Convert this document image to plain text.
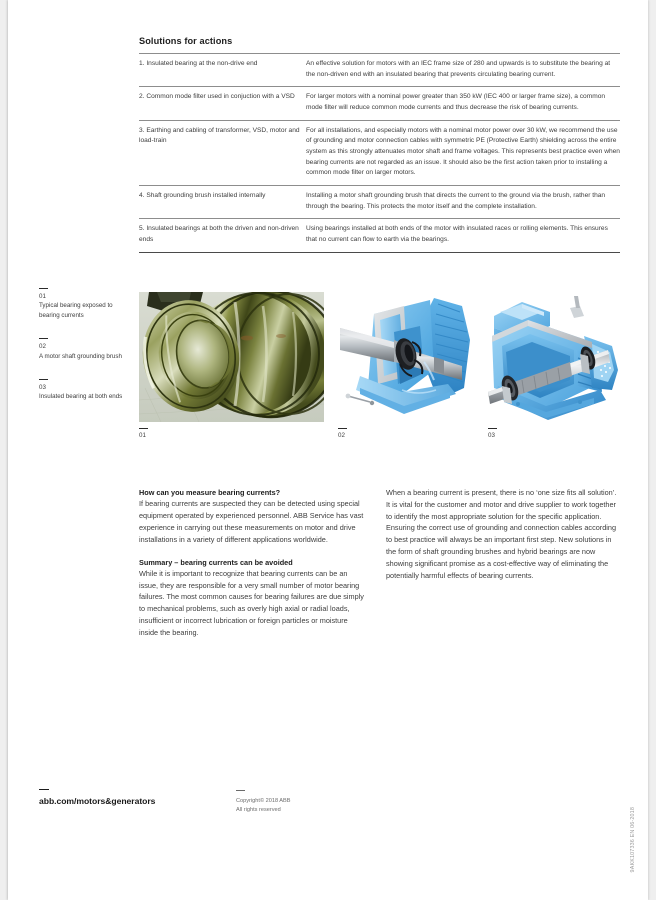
Solutions for actions
1. Insulated bearing at the non-drive end	An effective solution for motors with an IEC frame size of 280 and upwards is to substitute the bearing at the non-driven end with an insulated bearing that prevents circulating bearing current.
2. Common mode filter used in conjuction with a VSD	For larger motors with a nominal power greater than 350 kW (IEC 400 or larger frame size), a common mode filter will reduce common mode currents and thus decrease the risk of bearing currents.
3. Earthing and cabling of transformer, VSD, motor and load-train	For all installations, and especially motors with a nominal motor power over 30 kW, we recommend the use of grounding and motor connection cables with symmetric PE (Protective Earth) shielding across the entire system as this strongly attenuates motor shaft and frame voltages. This represents best practice even when bearing currents are not regarded as an issue. It should also be the first action taken prior to installing a common mode filter on larger motors.
4. Shaft grounding brush installed internally	Installing a motor shaft grounding brush that directs the current to the ground via the brush, rather than through the bearing. This protects the motor itself and the complete installation.
5. Insulated bearings at both the driven and non-driven ends	Using bearings installed at both ends of the motor with insulated races or rolling elements. This ensures that no current can flow to earth via the bearings.
01
Typical bearing exposed to bearing currents
02
A motor shaft grounding brush
03
Insulated bearing at both ends
01	02	03
How can you measure bearing currents?

If bearing currents are suspected they can be detected using special equipment operated by experienced personnel. ABB Service has vast experience in carrying out these measurements on motor and drive installations in a variety of different applications worldwide.

Summary – bearing currents can be avoided

While it is important to recognize that bearing currents can be an issue, they are responsible for a very small number of motor bearing failures. The most common causes for bearing failures are due simply to mechanical problems, such as overly high axial or radial loads, insufficient or incorrect lubrication or foreign particles or moisture inside the bearing.

When a bearing current is present, there is no ‘one size fits all solution’. It is vital for the customer and motor and drive supplier to work together to identify the most appropriate solution for the specific application. Ensuring the correct use of grounding and connection cables according to best practice will always be an important first step. New solutions in the form of shaft grounding brushes and hybrid bearings are now showing significant promise as a cost-effective way of eliminating the potentially harmful effects of bearing currents.

abb.com/motors&generators	Copyright© 2018 ABB
All rights reserved	9AKK107336 EN 06-2018
